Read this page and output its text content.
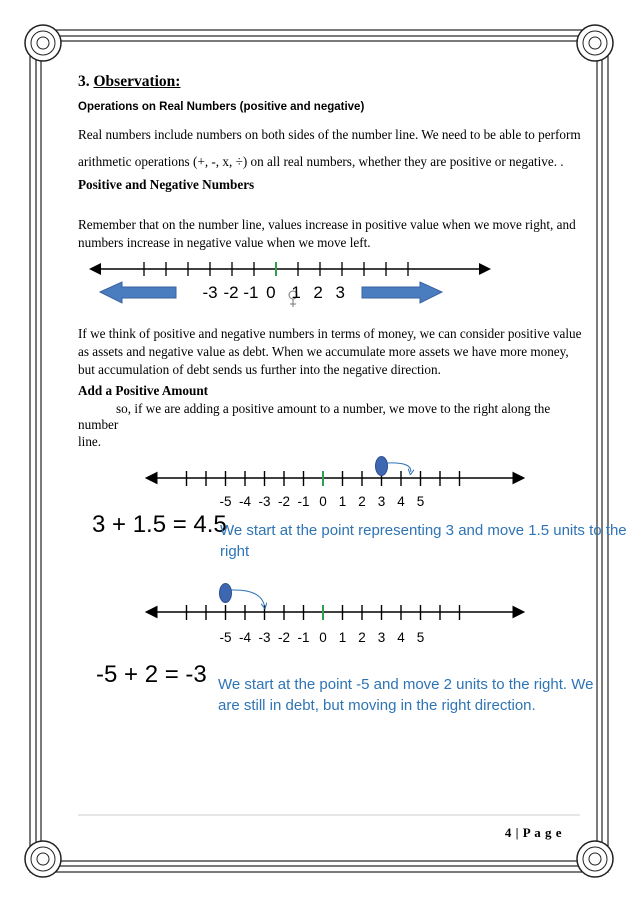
3. Observation:
Operations on Real Numbers (positive and negative)
Real numbers include numbers on both sides of the number line. We need to be able to perform
arithmetic operations (+, -, x, ÷) on all real numbers, whether they are positive or negative. .
Positive and Negative Numbers
Remember that on the number line, values increase in positive value when we move right, and numbers increase in negative value when we move left.
-3 -2 -1 0 1 2 3
If we think of positive and negative numbers in terms of money, we can consider positive value as assets and negative value as debt. When we accumulate more assets we have more money, but accumulation of debt sends us further into the negative direction.
Add a Positive Amount
so, if we are adding a positive amount to a number, we move to the right along the
number
line.
-5 -4 -3 -2 -1 0 1 2 3 4 5
3 + 1.5 = 4.5
We start at the point representing 3 and move 1.5 units to the
right
-5 -4 -3 -2 -1 0 1 2 3 4 5
-5 + 2 = -3 We start at the point -5 and move 2 units to the right. We
are still in debt, but moving in the right direction.
4 | P a g e
